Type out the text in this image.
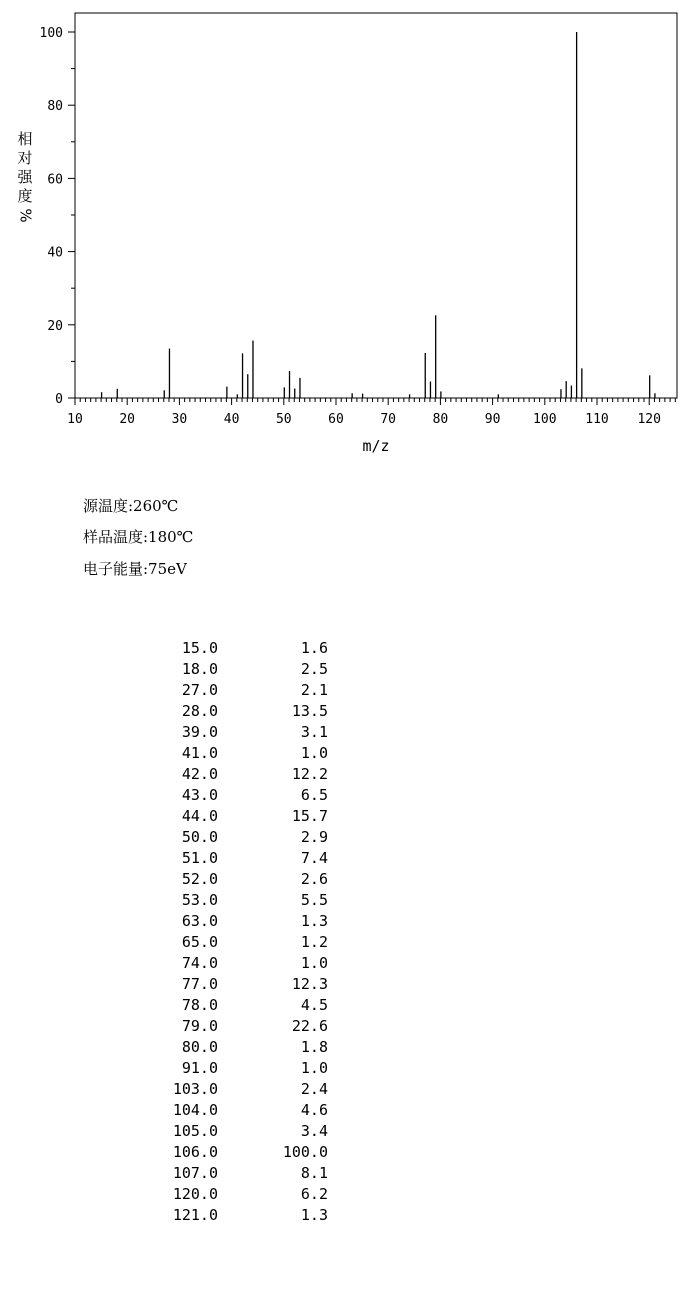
10	20	30	40	50	60	70	80	90	100 110 120
0
20
40
60
80
100
m/z
相
对
强
度
%
源温度:260℃
样品温度:180℃
电子能量:75eV
15.0	1.6
18.0	2.5
27.0	2.1
28.0	13.5
39.0	3.1
41.0	1.0
42.0	12.2
43.0	6.5
44.0	15.7
50.0	2.9
51.0	7.4
52.0	2.6
53.0	5.5
63.0	1.3
65.0	1.2
74.0	1.0
77.0	12.3
78.0	4.5
79.0	22.6
80.0	1.8
91.0	1.0
103.0	2.4
104.0	4.6
105.0	3.4
106.0	100.0
107.0	8.1
120.0	6.2
121.0	1.3
